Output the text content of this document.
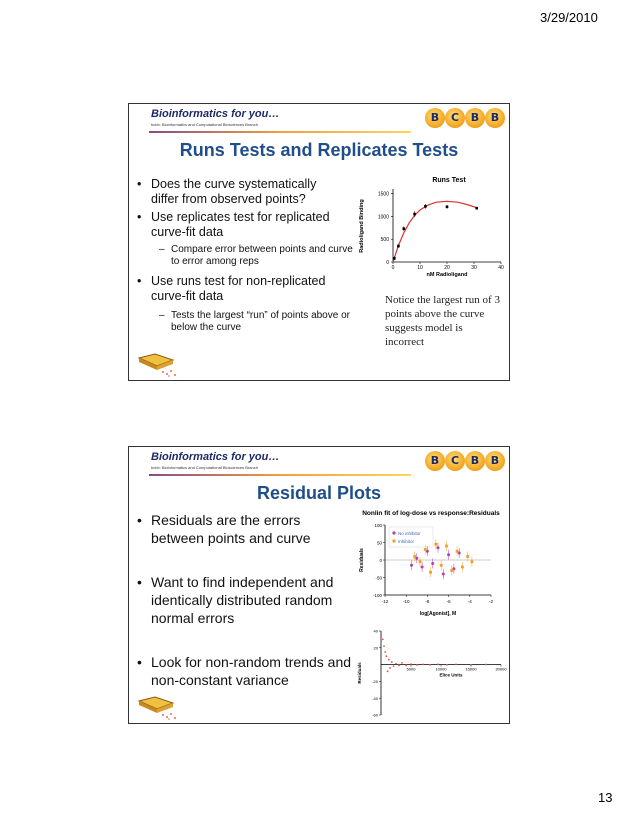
3/29/2010
13
Bioinformatics for you…
bcbb: Bioinformatics and Computational Biosciences Branch
B	C	B	B
Runs Tests and Replicates Tests
• Does the curve systematically differ from observed points?
• Use replicates test for replicated curve-fit data
– Compare error between points and curve to error among reps
• Use runs test for non-replicated curve-fit data
– Tests the largest “run” of points above or below the curve
Runs Test
0
500
1000
1500
0	10	20	30	40
nM Radioligand
Radioligand Binding
Notice the largest run of 3 points above the curve suggests model is incorrect
Bioinformatics for you…
bcbb: Bioinformatics and Computational Biosciences Branch
B	C	B	B
Residual Plots
• Residuals are the errors between points and curve
• Want to find independent and identically distributed random normal errors
• Look for non-random trends and non-constant variance
Nonlin fit of log-dose vs response:Residuals
-100
-50
0
50
100
-12	-10	-8	-6	-4	-2
log[Agonist], M
Residuals
No inhibitor
Inhibitor
40
20
-20
-40
-60
5000	10000	15000	20000
Elice Units
Residuals
